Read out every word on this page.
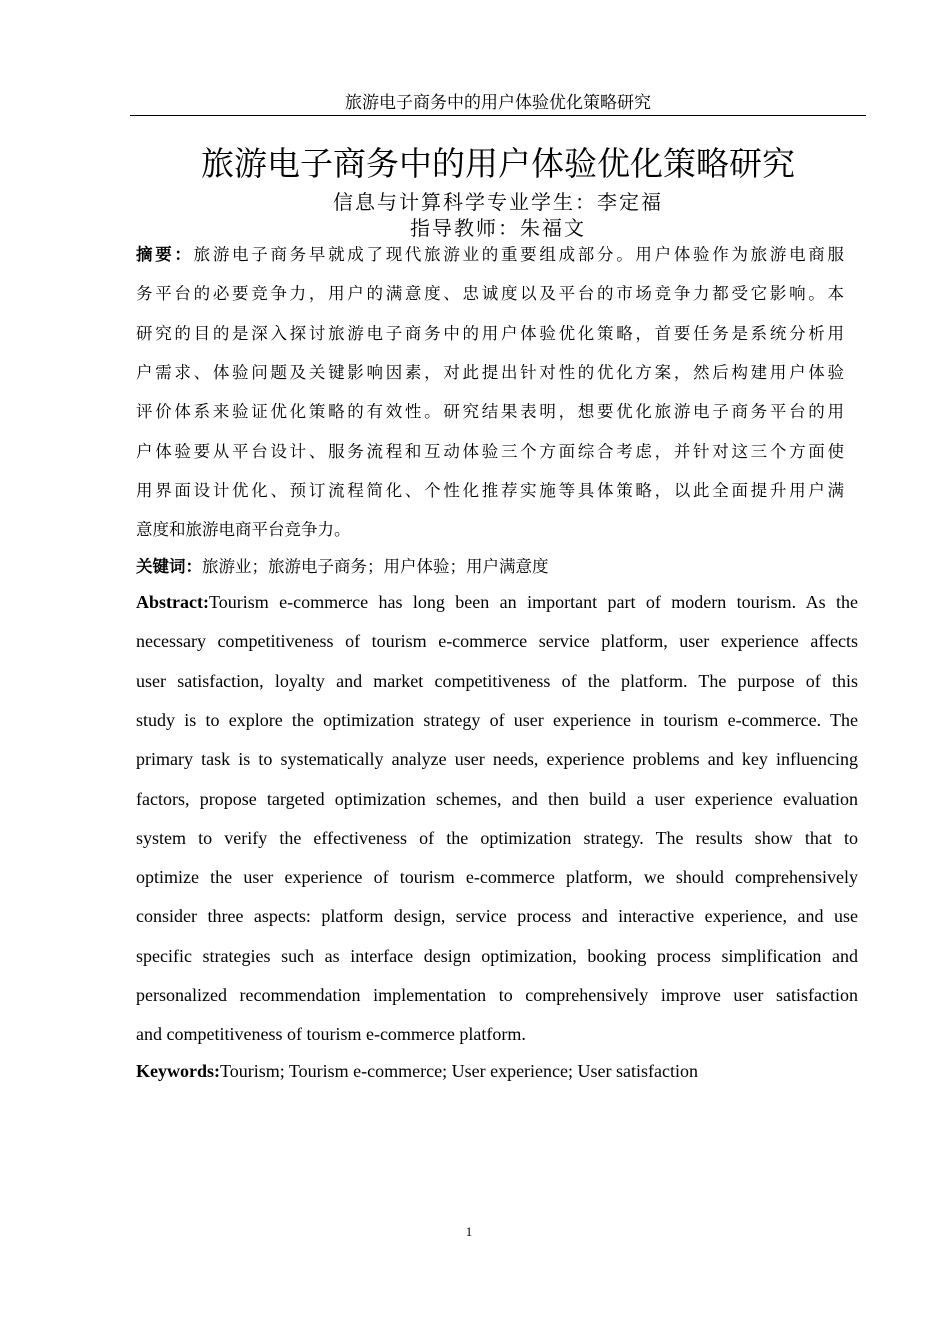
旅游电子商务中的用户体验优化策略研究
旅游电子商务中的用户体验优化策略研究
信息与计算科学专业学生：李定福
指导教师：朱福文
摘要：旅游电子商务早就成了现代旅游业的重要组成部分。用户体验作为旅游电商服
务平台的必要竞争力，用户的满意度、忠诚度以及平台的市场竞争力都受它影响。本
研究的目的是深入探讨旅游电子商务中的用户体验优化策略，首要任务是系统分析用
户需求、体验问题及关键影响因素，对此提出针对性的优化方案，然后构建用户体验
评价体系来验证优化策略的有效性。研究结果表明，想要优化旅游电子商务平台的用
户体验要从平台设计、服务流程和互动体验三个方面综合考虑，并针对这三个方面使
用界面设计优化、预订流程简化、个性化推荐实施等具体策略，以此全面提升用户满
意度和旅游电商平台竞争力。
关键词：旅游业；旅游电子商务；用户体验；用户满意度
Abstract:Tourism e-commerce has long been an important part of modern tourism. As the
necessary competitiveness of tourism e-commerce service platform, user experience affects
user satisfaction, loyalty and market competitiveness of the platform. The purpose of this
study is to explore the optimization strategy of user experience in tourism e-commerce. The
primary task is to systematically analyze user needs, experience problems and key influencing
factors, propose targeted optimization schemes, and then build a user experience evaluation
system to verify the effectiveness of the optimization strategy. The results show that to
optimize the user experience of tourism e-commerce platform, we should comprehensively
consider three aspects: platform design, service process and interactive experience, and use
specific strategies such as interface design optimization, booking process simplification and
personalized recommendation implementation to comprehensively improve user satisfaction
and competitiveness of tourism e-commerce platform.
Keywords:Tourism; Tourism e-commerce; User experience; User satisfaction
1
